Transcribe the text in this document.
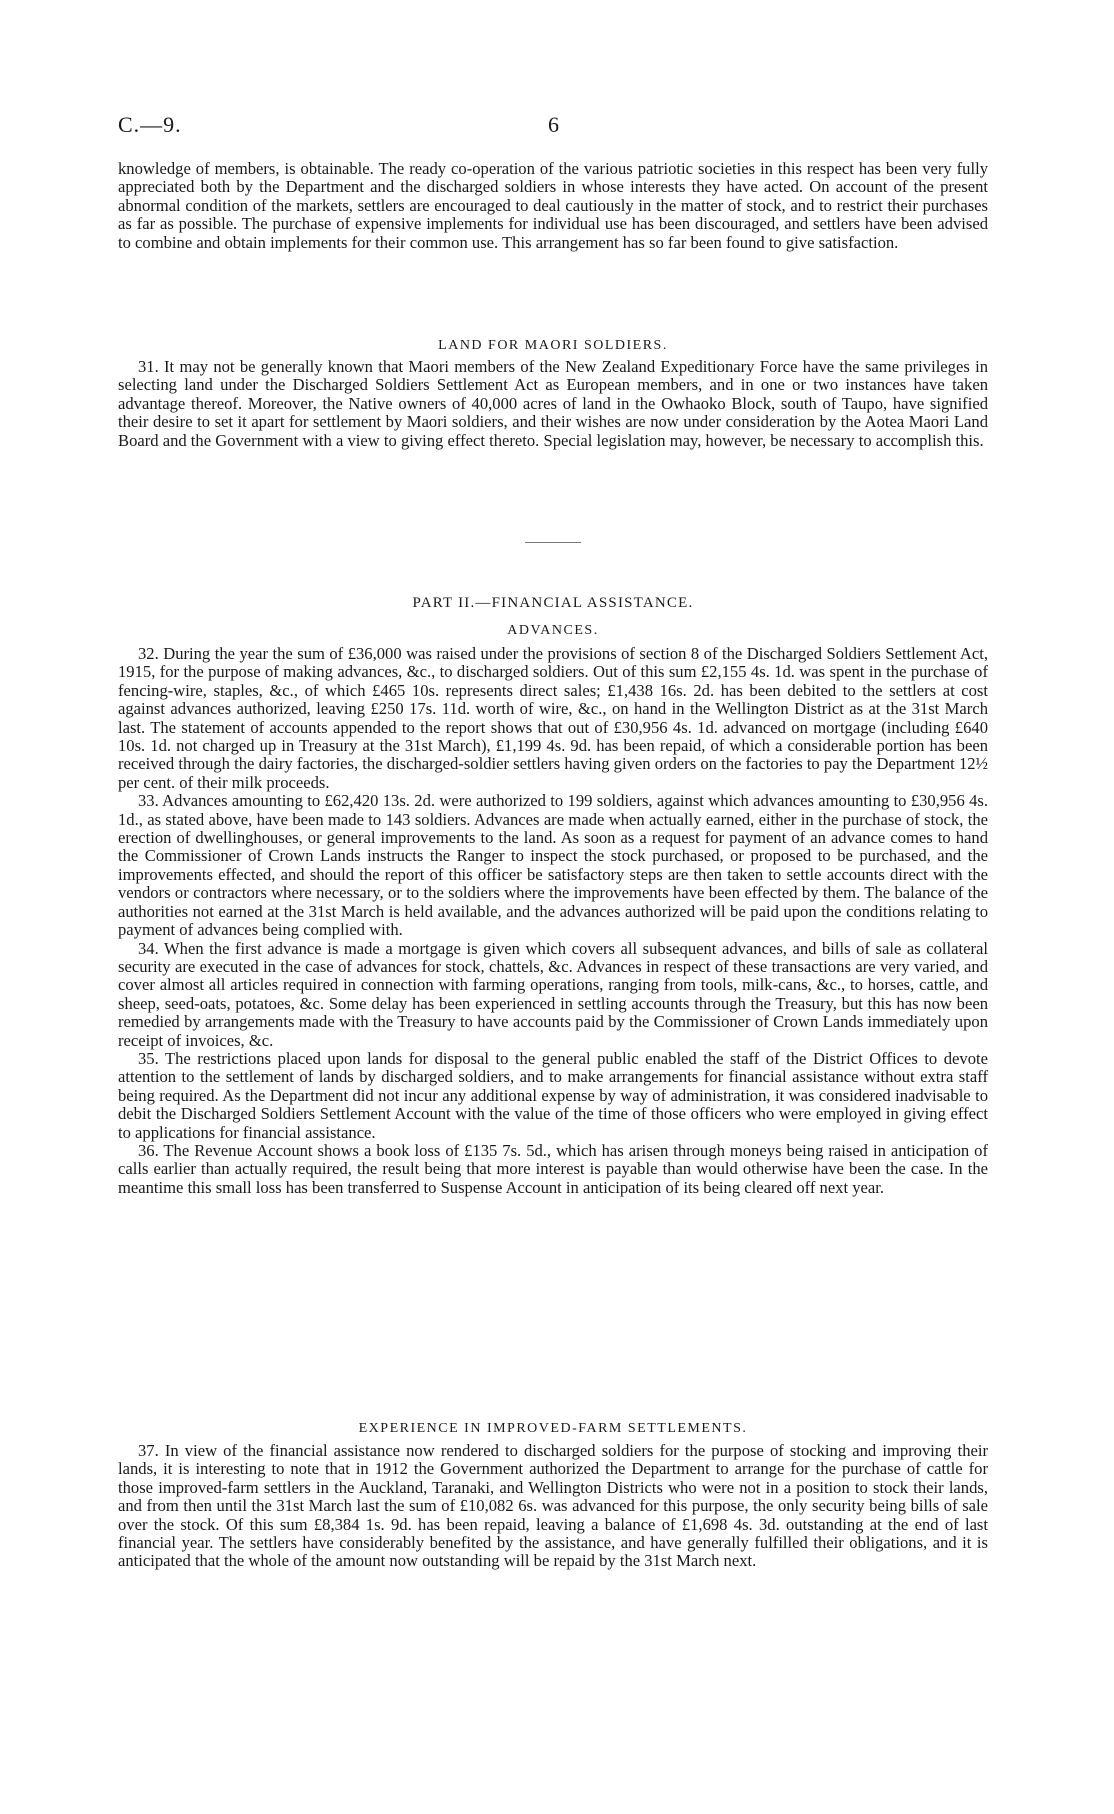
C.—9.	6

knowledge of members, is obtainable. The ready co-operation of the various patriotic societies in this respect has been very fully appreciated both by the Department and the discharged soldiers in whose interests they have acted. On account of the present abnormal condition of the markets, settlers are encouraged to deal cautiously in the matter of stock, and to restrict their purchases as far as possible. The purchase of expensive implements for individual use has been discouraged, and settlers have been advised to combine and obtain implements for their common use. This arrangement has so far been found to give satisfaction.

LAND FOR MAORI SOLDIERS.

31. It may not be generally known that Maori members of the New Zealand Expeditionary Force have the same privileges in selecting land under the Discharged Soldiers Settlement Act as European members, and in one or two instances have taken advantage thereof. Moreover, the Native owners of 40,000 acres of land in the Owhaoko Block, south of Taupo, have signified their desire to set it apart for settlement by Maori soldiers, and their wishes are now under consideration by the Aotea Maori Land Board and the Government with a view to giving effect thereto. Special legislation may, however, be necessary to accomplish this.

PART II.—FINANCIAL ASSISTANCE.

ADVANCES.

32. During the year the sum of £36,000 was raised under the provisions of section 8 of the Discharged Soldiers Settlement Act, 1915, for the purpose of making advances, &c., to discharged soldiers. Out of this sum £2,155 4s. 1d. was spent in the purchase of fencing-wire, staples, &c., of which £465 10s. represents direct sales; £1,438 16s. 2d. has been debited to the settlers at cost against advances authorized, leaving £250 17s. 11d. worth of wire, &c., on hand in the Wellington District as at the 31st March last. The statement of accounts appended to the report shows that out of £30,956 4s. 1d. advanced on mortgage (including £640 10s. 1d. not charged up in Treasury at the 31st March), £1,199 4s. 9d. has been repaid, of which a considerable portion has been received through the dairy factories, the discharged-soldier settlers having given orders on the factories to pay the Department 12½ per cent. of their milk proceeds.

33. Advances amounting to £62,420 13s. 2d. were authorized to 199 soldiers, against which advances amounting to £30,956 4s. 1d., as stated above, have been made to 143 soldiers. Advances are made when actually earned, either in the purchase of stock, the erection of dwellinghouses, or general improvements to the land. As soon as a request for payment of an advance comes to hand the Commissioner of Crown Lands instructs the Ranger to inspect the stock purchased, or proposed to be purchased, and the improvements effected, and should the report of this officer be satisfactory steps are then taken to settle accounts direct with the vendors or contractors where necessary, or to the soldiers where the improvements have been effected by them. The balance of the authorities not earned at the 31st March is held available, and the advances authorized will be paid upon the conditions relating to payment of advances being complied with.

34. When the first advance is made a mortgage is given which covers all subsequent advances, and bills of sale as collateral security are executed in the case of advances for stock, chattels, &c. Advances in respect of these transactions are very varied, and cover almost all articles required in connection with farming operations, ranging from tools, milk-cans, &c., to horses, cattle, and sheep, seed-oats, potatoes, &c. Some delay has been experienced in settling accounts through the Treasury, but this has now been remedied by arrangements made with the Treasury to have accounts paid by the Commissioner of Crown Lands immediately upon receipt of invoices, &c.

35. The restrictions placed upon lands for disposal to the general public enabled the staff of the District Offices to devote attention to the settlement of lands by discharged soldiers, and to make arrangements for financial assistance without extra staff being required. As the Department did not incur any additional expense by way of administration, it was considered inadvisable to debit the Discharged Soldiers Settlement Account with the value of the time of those officers who were employed in giving effect to applications for financial assistance.

36. The Revenue Account shows a book loss of £135 7s. 5d., which has arisen through moneys being raised in anticipation of calls earlier than actually required, the result being that more interest is payable than would otherwise have been the case. In the meantime this small loss has been transferred to Suspense Account in anticipation of its being cleared off next year.

EXPERIENCE IN IMPROVED-FARM SETTLEMENTS.

37. In view of the financial assistance now rendered to discharged soldiers for the purpose of stocking and improving their lands, it is interesting to note that in 1912 the Government authorized the Department to arrange for the purchase of cattle for those improved-farm settlers in the Auckland, Taranaki, and Wellington Districts who were not in a position to stock their lands, and from then until the 31st March last the sum of £10,082 6s. was advanced for this purpose, the only security being bills of sale over the stock. Of this sum £8,384 1s. 9d. has been repaid, leaving a balance of £1,698 4s. 3d. outstanding at the end of last financial year. The settlers have considerably benefited by the assistance, and have generally fulfilled their obligations, and it is anticipated that the whole of the amount now outstanding will be repaid by the 31st March next.
